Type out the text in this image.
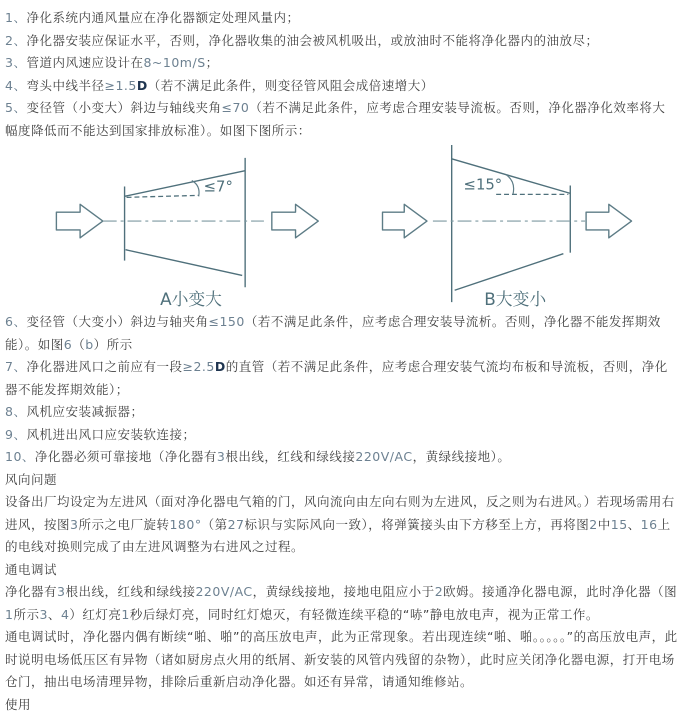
1、净化系统内通风量应在净化器额定处理风量内；

2、净化器安装应保证水平，否则，净化器收集的油会被风机吸出，或放油时不能将净化器内的油放尽；

3、管道内风速应设计在8~10m/S；

4、弯头中线半径≥1.5D（若不满足此条件，则变径管风阻会成倍速增大）

5、变径管（小变大）斜边与轴线夹角≤70（若不满足此条件，应考虑合理安装导流板。否则，净化器净化效率将大幅度降低而不能达到国家排放标准）。如图下图所示：

≤7°
A小变大
≤15°
B大变小

6、变径管（大变小）斜边与轴夹角≤150（若不满足此条件，应考虑合理安装导流析。否则，净化器不能发挥期效能）。如图6（b）所示

7、净化器进风口之前应有一段≥2.5D的直管（若不满足此条件，应考虑合理安装气流均布板和导流板，否则，净化器不能发挥期效能）；

8、风机应安装减振器；

9、风机进出风口应安装软连接；

10、净化器必须可靠接地（净化器有3根出线，红线和绿线接220V/AC，黄绿线接地）。

风向问题

设备出厂均设定为左进风（面对净化器电气箱的门，风向流向由左向右则为左进风，反之则为右进风。）若现场需用右进风，按图3所示之电厂旋转180°（第27标识与实际风向一致），将弹簧接头由下方移至上方，再将图2中15、16上的电线对换则完成了由左进风调整为右进风之过程。

通电调试

净化器有3根出线，红线和绿线接220V/AC，黄绿线接地，接地电阻应小于2欧姆。接通净化器电源，此时净化器（图1所示3、4）红灯亮1秒后绿灯亮，同时红灯熄灭，有轻微连续平稳的“哧”静电放电声，视为正常工作。

通电调试时，净化器内偶有断续“啪、啪”的高压放电声，此为正常现象。若出现连续“啪、啪。。。。。”的高压放电声，此时说明电场低压区有异物（诸如厨房点火用的纸屑、新安装的风管内残留的杂物），此时应关闭净化器电源，打开电场仓门，抽出电场清理异物，排除后重新启动净化器。如还有异常，请通知维修站。

使用
